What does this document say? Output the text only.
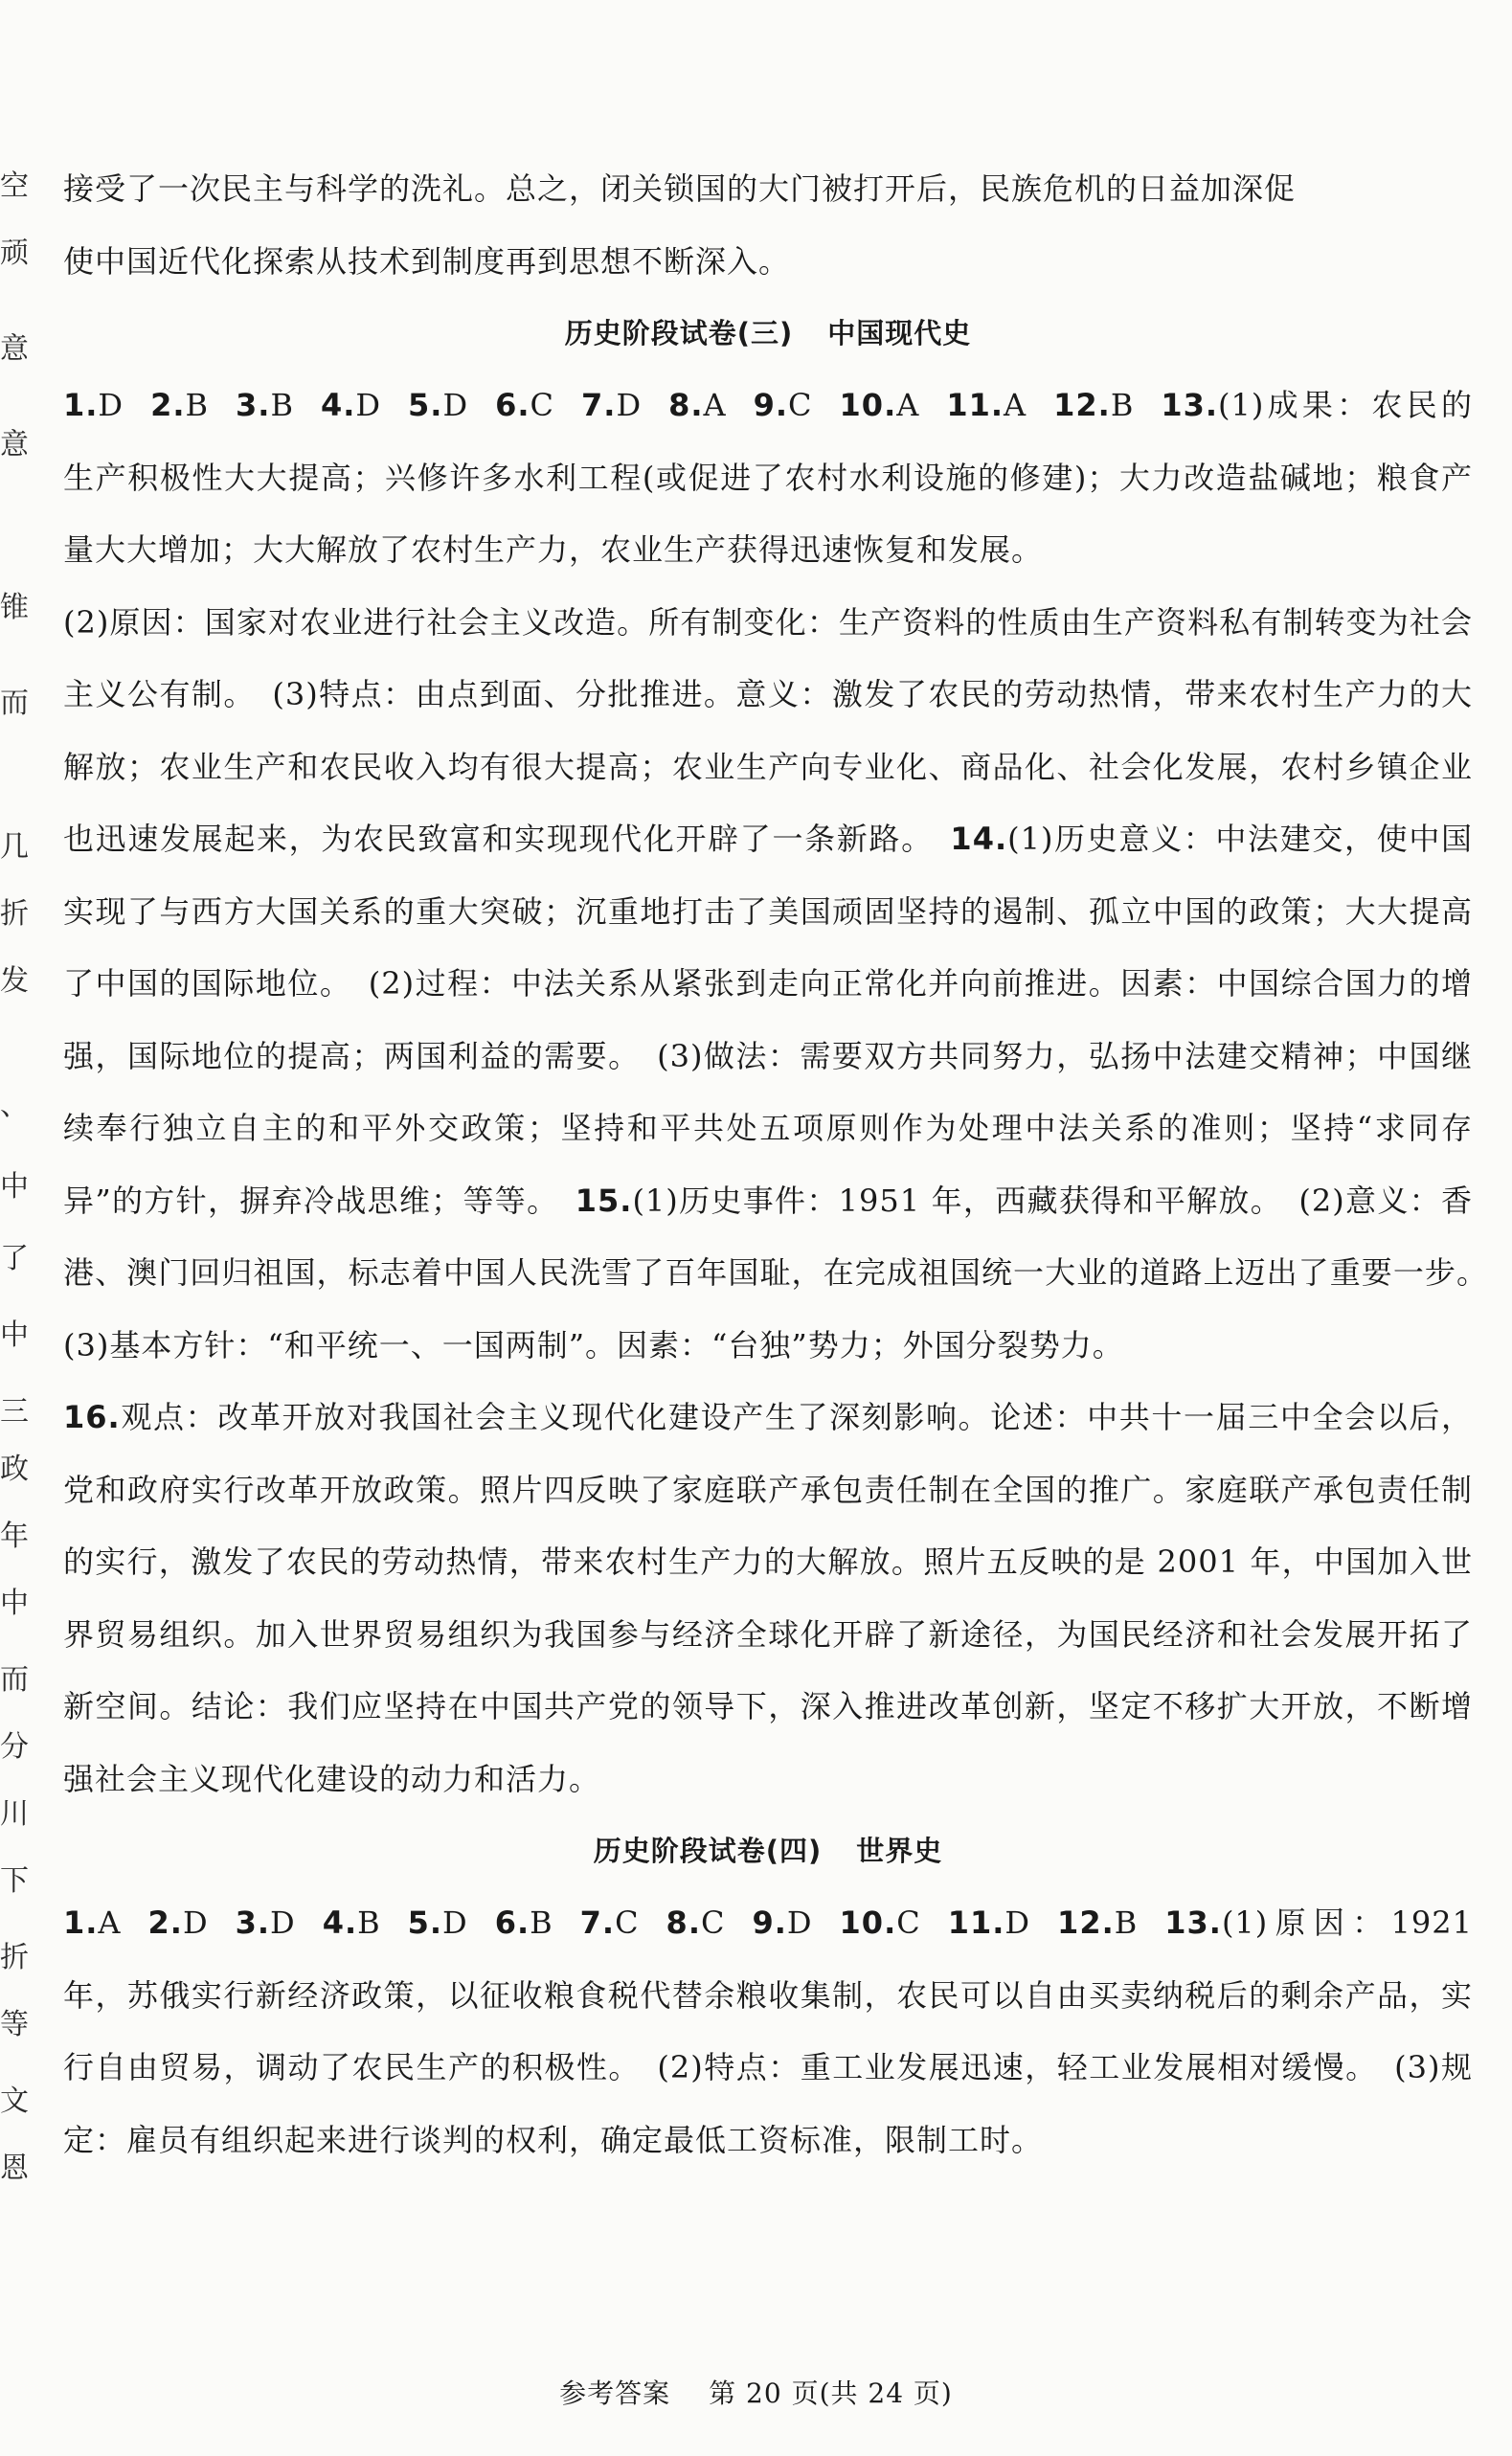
空
顽
意
意
锥
而
几
折
发
、
中
了
中
三
政
年
中
而
分
川
下
折
等
文
恩

接受了一次民主与科学的洗礼。总之，闭关锁国的大门被打开后，民族危机的日益加深促
使中国近代化探索从技术到制度再到思想不断深入。

历史阶段试卷(三) 中国现代史

1.D 2.B 3.B 4.D 5.D 6.C 7.D 8.A 9.C 10.A 11.A 12.B 13.(1)成果：农民的生产积极性大大提高；兴修许多水利工程(或促进了农村水利设施的修建)；大力改造盐碱地；粮食产量大大增加；大大解放了农村生产力，农业生产获得迅速恢复和发展。

(2)原因：国家对农业进行社会主义改造。所有制变化：生产资料的性质由生产资料私有制转变为社会主义公有制。　(3)特点：由点到面、分批推进。意义：激发了农民的劳动热情，带来农村生产力的大解放；农业生产和农民收入均有很大提高；农业生产向专业化、商品化、社会化发展，农村乡镇企业也迅速发展起来，为农民致富和实现现代化开辟了一条新路。　 14.(1)历史意义：中法建交，使中国实现了与西方大国关系的重大突破；沉重地打击了美国顽固坚持的遏制、孤立中国的政策；大大提高了中国的国际地位。　(2)过程：中法关系从紧张到走向正常化并向前推进。因素：中国综合国力的增强，国际地位的提高；两国利益的需要。　(3)做法：需要双方共同努力，弘扬中法建交精神；中国继续奉行独立自主的和平外交政策；坚持和平共处五项原则作为处理中法关系的准则；坚持“求同存异”的方针，摒弃冷战思维；等等。　 15.(1)历史事件：1951 年，西藏获得和平解放。　(2)意义：香港、澳门回归祖国，标志着中国人民洗雪了百年国耻，在完成祖国统一大业的道路上迈出了重要一步。　(3)基本方针：“和平统一、一国两制”。因素：“台独”势力；外国分裂势力。

16.观点：改革开放对我国社会主义现代化建设产生了深刻影响。论述：中共十一届三中全会以后，党和政府实行改革开放政策。照片四反映了家庭联产承包责任制在全国的推广。家庭联产承包责任制的实行，激发了农民的劳动热情，带来农村生产力的大解放。照片五反映的是 2001 年，中国加入世界贸易组织。加入世界贸易组织为我国参与经济全球化开辟了新途径，为国民经济和社会发展开拓了新空间。结论：我们应坚持在中国共产党的领导下，深入推进改革创新，坚定不移扩大开放，不断增强社会主义现代化建设的动力和活力。

历史阶段试卷(四) 世界史

1.A 2.D 3.D 4.B 5.D 6.B 7.C 8.C 9.D 10.C 11.D 12.B 13.(1)原因：1921年，苏俄实行新经济政策，以征收粮食税代替余粮收集制，农民可以自由买卖纳税后的剩余产品，实行自由贸易，调动了农民生产的积极性。　(2)特点：重工业发展迅速，轻工业发展相对缓慢。　(3)规定：雇员有组织起来进行谈判的权利，确定最低工资标准，限制工时。

参考答案 第 20 页(共 24 页)
